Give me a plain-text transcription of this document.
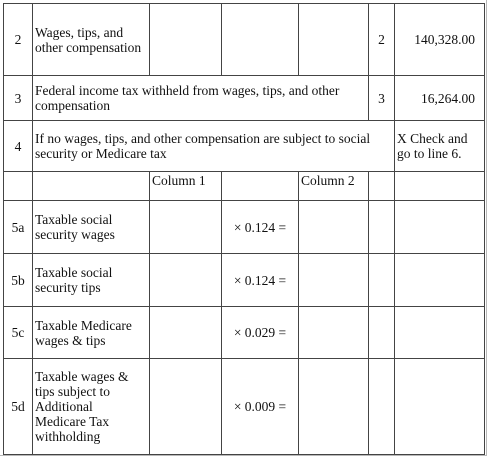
2	Wages, tips, and other compensation				2	140,328.00
3	Federal income tax withheld from wages, tips, and other compensation				3	16,264.00
4	If no wages, tips, and other compensation are subject to social security or Medicare tax					X Check and
go to line 6.

		Column 1		Column 2		
5a	Taxable social security wages		× 0.124 =			
5b	Taxable social security tips		× 0.124 =			
5c	Taxable Medicare wages & tips		× 0.029 =			
5d	Taxable wages & tips subject to Additional Medicare Tax withholding		× 0.009 =			
